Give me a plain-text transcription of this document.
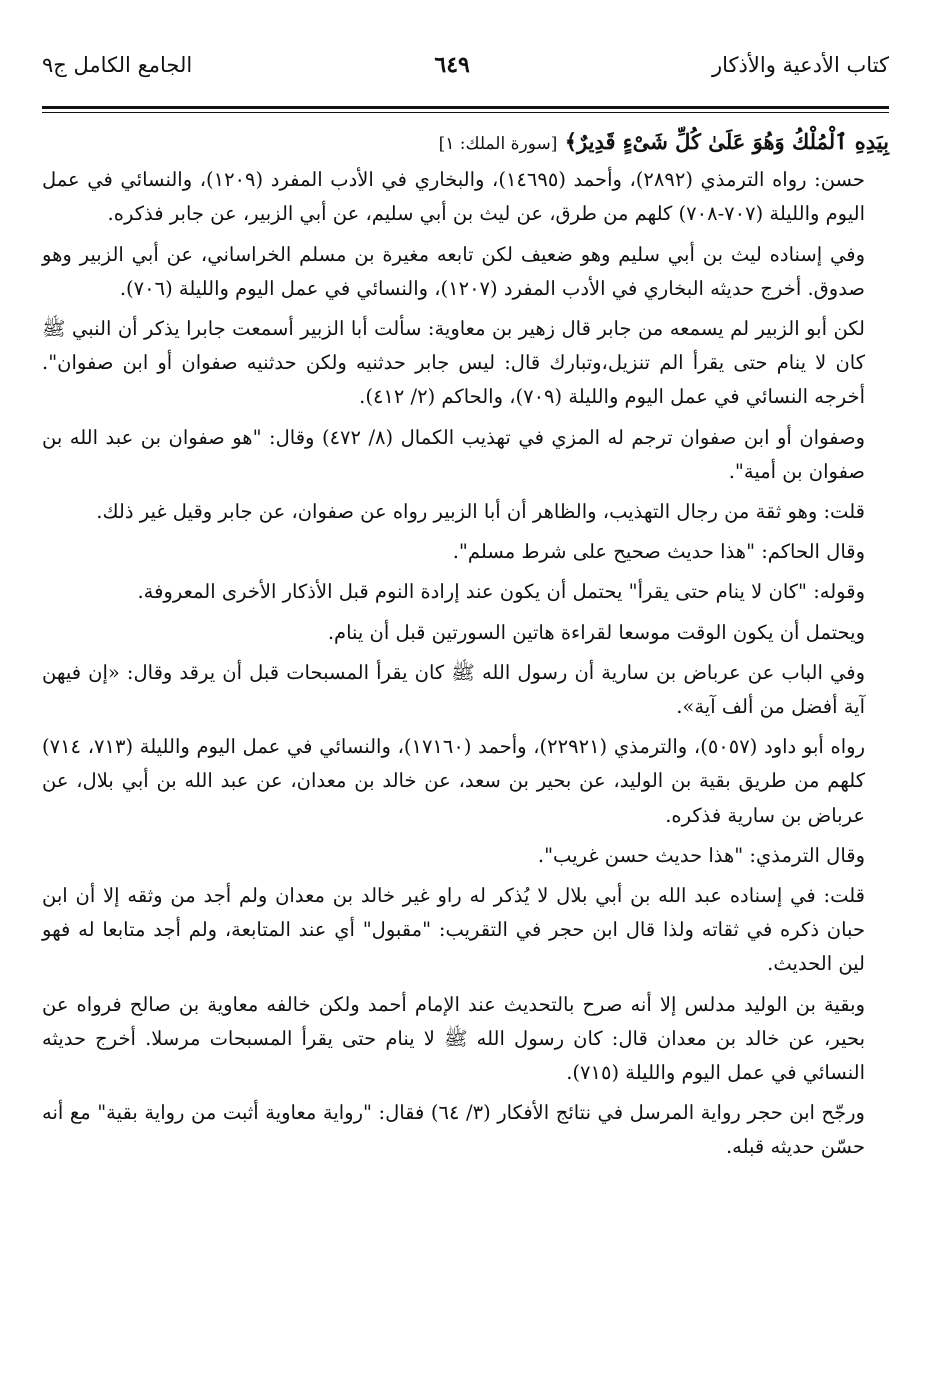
كتاب الأدعية والأذكار
٦٤٩
الجامع الكامل ج٩

بِيَدِهِ ٱلْمُلْكُ وَهُوَ عَلَىٰ كُلِّ شَىْءٍ قَدِيرٌ﴾ [سورة الملك: ١]

حسن: رواه الترمذي (٢٨٩٢)، وأحمد (١٤٦٩٥)، والبخاري في الأدب المفرد (١٢٠٩)، والنسائي في عمل اليوم والليلة (٧٠٧-٧٠٨) كلهم من طرق، عن ليث بن أبي سليم، عن أبي الزبير، عن جابر فذكره.

وفي إسناده ليث بن أبي سليم وهو ضعيف لكن تابعه مغيرة بن مسلم الخراساني، عن أبي الزبير وهو صدوق. أخرج حديثه البخاري في الأدب المفرد (١٢٠٧)، والنسائي في عمل اليوم والليلة (٧٠٦).

لكن أبو الزبير لم يسمعه من جابر قال زهير بن معاوية: سألت أبا الزبير أسمعت جابرا يذكر أن النبي ﷺ كان لا ينام حتى يقرأ الم تنزيل،وتبارك قال: ليس جابر حدثنيه ولكن حدثنيه صفوان أو ابن صفوان". أخرجه النسائي في عمل اليوم والليلة (٧٠٩)، والحاكم (٢/ ٤١٢).

وصفوان أو ابن صفوان ترجم له المزي في تهذيب الكمال (٨/ ٤٧٢) وقال: "هو صفوان بن عبد الله بن صفوان بن أمية".

قلت: وهو ثقة من رجال التهذيب، والظاهر أن أبا الزبير رواه عن صفوان، عن جابر وقيل غير ذلك.

وقال الحاكم: "هذا حديث صحيح على شرط مسلم".

وقوله: "كان لا ينام حتى يقرأ" يحتمل أن يكون عند إرادة النوم قبل الأذكار الأخرى المعروفة.

ويحتمل أن يكون الوقت موسعا لقراءة هاتين السورتين قبل أن ينام.

وفي الباب عن عرباض بن سارية أن رسول الله ﷺ كان يقرأ المسبحات قبل أن يرقد وقال: «إن فيهن آية أفضل من ألف آية».

رواه أبو داود (٥٠٥٧)، والترمذي (٢٢٩٢١)، وأحمد (١٧١٦٠)، والنسائي في عمل اليوم والليلة (٧١٣، ٧١٤) كلهم من طريق بقية بن الوليد، عن بحير بن سعد، عن خالد بن معدان، عن عبد الله بن أبي بلال، عن عرباض بن سارية فذكره.

وقال الترمذي: "هذا حديث حسن غريب".

قلت: في إسناده عبد الله بن أبي بلال لا يُذكر له راو غير خالد بن معدان ولم أجد من وثقه إلا أن ابن حبان ذكره في ثقاته ولذا قال ابن حجر في التقريب: "مقبول" أي عند المتابعة، ولم أجد متابعا له فهو لين الحديث.

وبقية بن الوليد مدلس إلا أنه صرح بالتحديث عند الإمام أحمد ولكن خالفه معاوية بن صالح فرواه عن بحير، عن خالد بن معدان قال: كان رسول الله ﷺ لا ينام حتى يقرأ المسبحات مرسلا. أخرج حديثه النسائي في عمل اليوم والليلة (٧١٥).

ورجّح ابن حجر رواية المرسل في نتائج الأفكار (٣/ ٦٤) فقال: "رواية معاوية أثبت من رواية بقية" مع أنه حسّن حديثه قبله.
